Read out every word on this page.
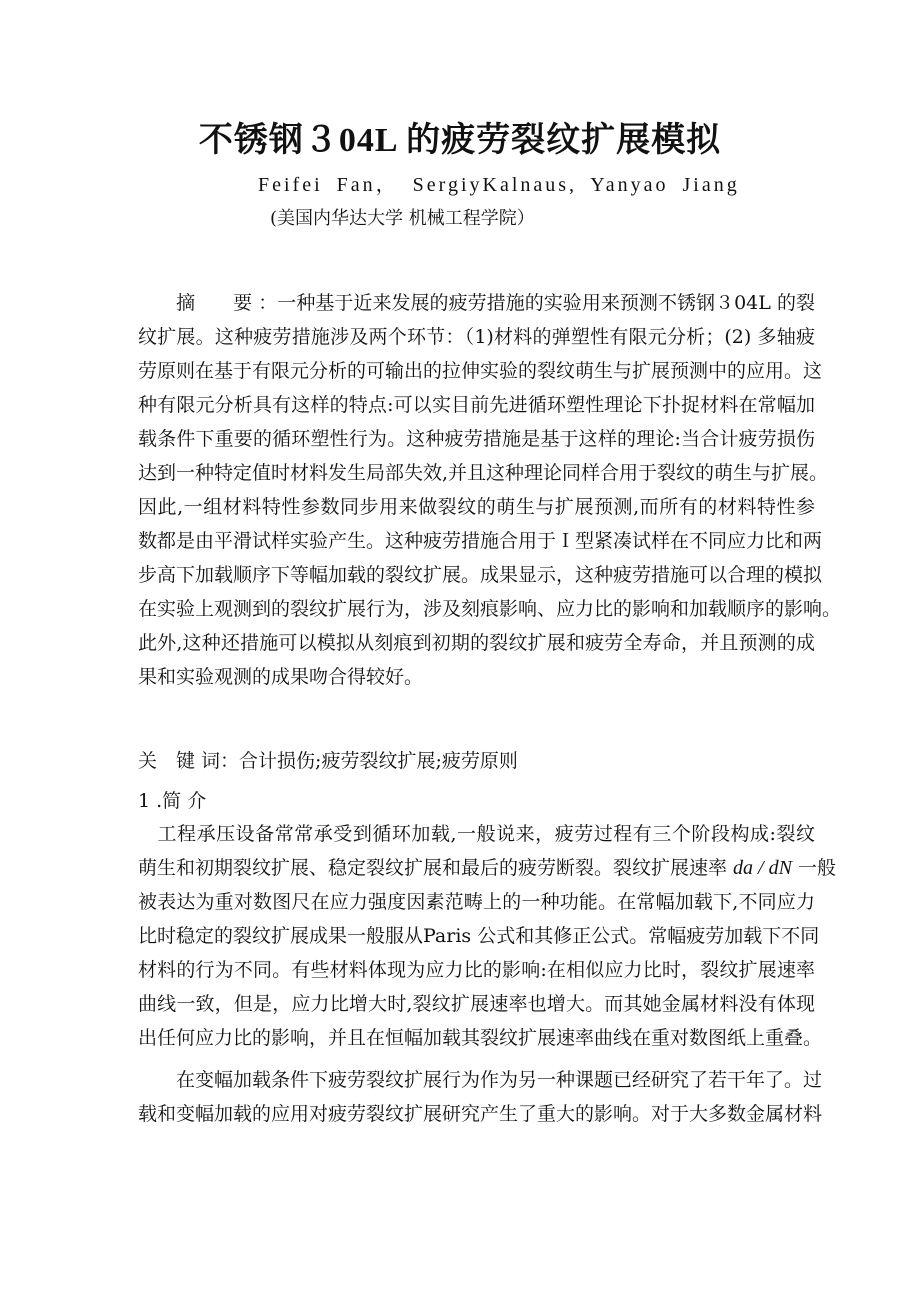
不锈钢３04L 的疲劳裂纹扩展模拟
Feifei Fan， SergiyKalnaus, Yanyao Jiang
(美国内华达大学 机械工程学院）
　　摘　　要 ：一种基于近来发展的疲劳措施的实验用来预测不锈钢３04L 的裂
纹扩展。这种疲劳措施涉及两个环节：（1)材料的弹塑性有限元分析；(2) 多轴疲
劳原则在基于有限元分析的可输出的拉伸实验的裂纹萌生与扩展预测中的应用。这
种有限元分析具有这样的特点:可以实目前先进循环塑性理论下扑捉材料在常幅加
载条件下重要的循环塑性行为。这种疲劳措施是基于这样的理论:当合计疲劳损伤
达到一种特定值时材料发生局部失效,并且这种理论同样合用于裂纹的萌生与扩展。
因此,一组材料特性参数同步用来做裂纹的萌生与扩展预测,而所有的材料特性参
数都是由平滑试样实验产生。这种疲劳措施合用于Ｉ型紧凑试样在不同应力比和两
步高下加载顺序下等幅加载的裂纹扩展。成果显示，这种疲劳措施可以合理的模拟
在实验上观测到的裂纹扩展行为，涉及刻痕影响、应力比的影响和加载顺序的影响。
此外,这种还措施可以模拟从刻痕到初期的裂纹扩展和疲劳全寿命，并且预测的成
果和实验观测的成果吻合得较好。
关　键 词：合计损伤;疲劳裂纹扩展;疲劳原则
1 .简 介
　工程承压设备常常承受到循环加载,一般说来，疲劳过程有三个阶段构成:裂纹
萌生和初期裂纹扩展、稳定裂纹扩展和最后的疲劳断裂。裂纹扩展速率 da / dN 一般
被表达为重对数图尺在应力强度因素范畴上的一种功能。在常幅加载下,不同应力
比时稳定的裂纹扩展成果一般服从Paris 公式和其修正公式。常幅疲劳加载下不同
材料的行为不同。有些材料体现为应力比的影响:在相似应力比时，裂纹扩展速率
曲线一致，但是，应力比增大时,裂纹扩展速率也增大。而其她金属材料没有体现
出任何应力比的影响，并且在恒幅加载其裂纹扩展速率曲线在重对数图纸上重叠。
　　在变幅加载条件下疲劳裂纹扩展行为作为另一种课题已经研究了若干年了。过
载和变幅加载的应用对疲劳裂纹扩展研究产生了重大的影响。对于大多数金属材料
